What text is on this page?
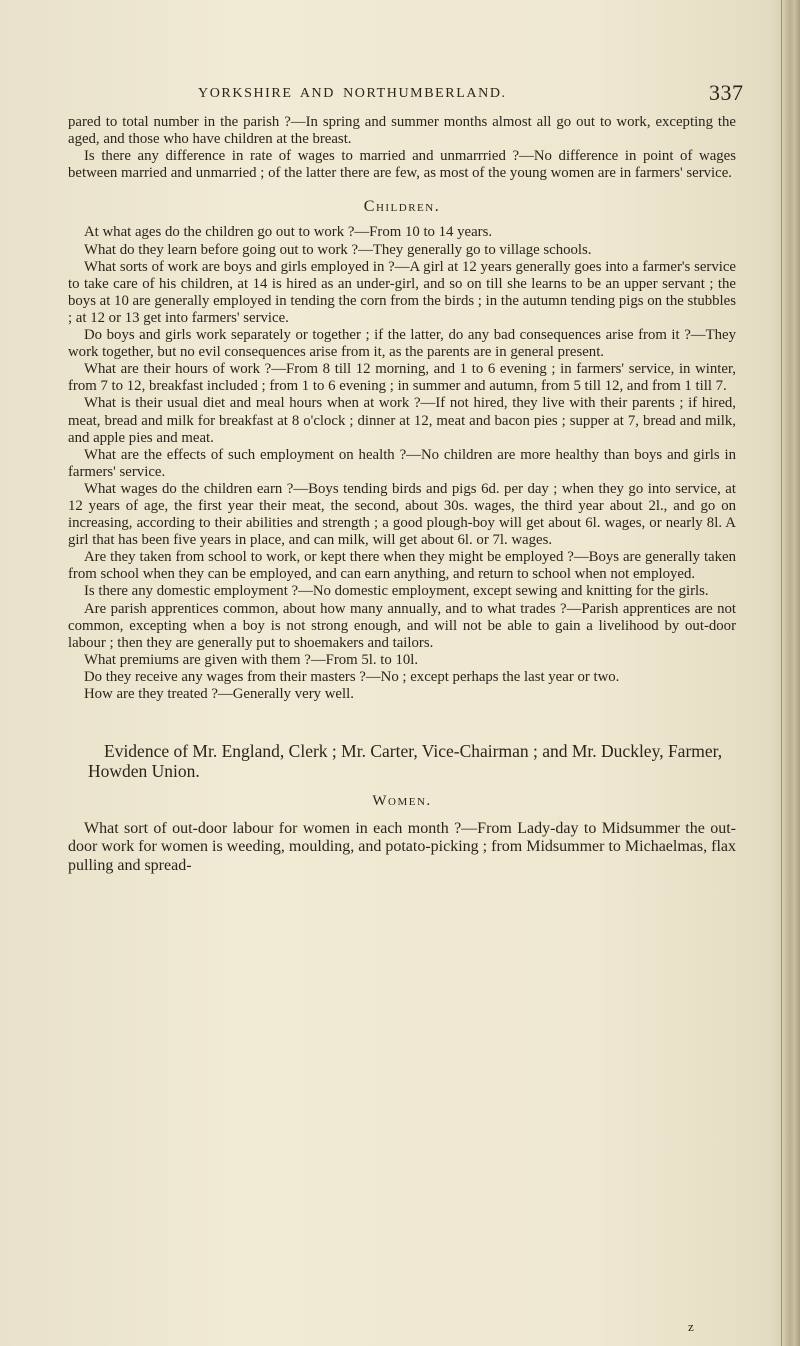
YORKSHIRE AND NORTHUMBERLAND.	337

pared to total number in the parish ?—In spring and summer months almost all go out to work, excepting the aged, and those who have children at the breast.

Is there any difference in rate of wages to married and unmarrried ?—No difference in point of wages between married and unmarried ; of the latter there are few, as most of the young women are in farmers' service.

Children.

At what ages do the children go out to work ?—From 10 to 14 years.

What do they learn before going out to work ?—They generally go to village schools.

What sorts of work are boys and girls employed in ?—A girl at 12 years generally goes into a farmer's service to take care of his children, at 14 is hired as an under-girl, and so on till she learns to be an upper servant ; the boys at 10 are generally employed in tending the corn from the birds ; in the autumn tending pigs on the stubbles ; at 12 or 13 get into farmers' service.

Do boys and girls work separately or together ; if the latter, do any bad consequences arise from it ?—They work together, but no evil consequences arise from it, as the parents are in general present.

What are their hours of work ?—From 8 till 12 morning, and 1 to 6 evening ; in farmers' service, in winter, from 7 to 12, breakfast included ; from 1 to 6 evening ; in summer and autumn, from 5 till 12, and from 1 till 7.

What is their usual diet and meal hours when at work ?—If not hired, they live with their parents ; if hired, meat, bread and milk for breakfast at 8 o'clock ; dinner at 12, meat and bacon pies ; supper at 7, bread and milk, and apple pies and meat.

What are the effects of such employment on health ?—No children are more healthy than boys and girls in farmers' service.

What wages do the children earn ?—Boys tending birds and pigs 6d. per day ; when they go into service, at 12 years of age, the first year their meat, the second, about 30s. wages, the third year about 2l., and go on increasing, according to their abilities and strength ; a good plough-boy will get about 6l. wages, or nearly 8l. A girl that has been five years in place, and can milk, will get about 6l. or 7l. wages.

Are they taken from school to work, or kept there when they might be employed ?—Boys are generally taken from school when they can be employed, and can earn anything, and return to school when not employed.

Is there any domestic employment ?—No domestic employment, except sewing and knitting for the girls.

Are parish apprentices common, about how many annually, and to what trades ?—Parish apprentices are not common, excepting when a boy is not strong enough, and will not be able to gain a livelihood by out-door labour ; then they are generally put to shoemakers and tailors.

What premiums are given with them ?—From 5l. to 10l.

Do they receive any wages from their masters ?—No ; except perhaps the last year or two.

How are they treated ?—Generally very well.

Evidence of Mr. England, Clerk ; Mr. Carter, Vice-Chairman ; and Mr. Duckley, Farmer, Howden Union.

Women.

What sort of out-door labour for women in each month ?—From Lady-day to Midsummer the out-door work for women is weeding, moulding, and potato-picking ; from Midsummer to Michaelmas, flax pulling and spread-

z
